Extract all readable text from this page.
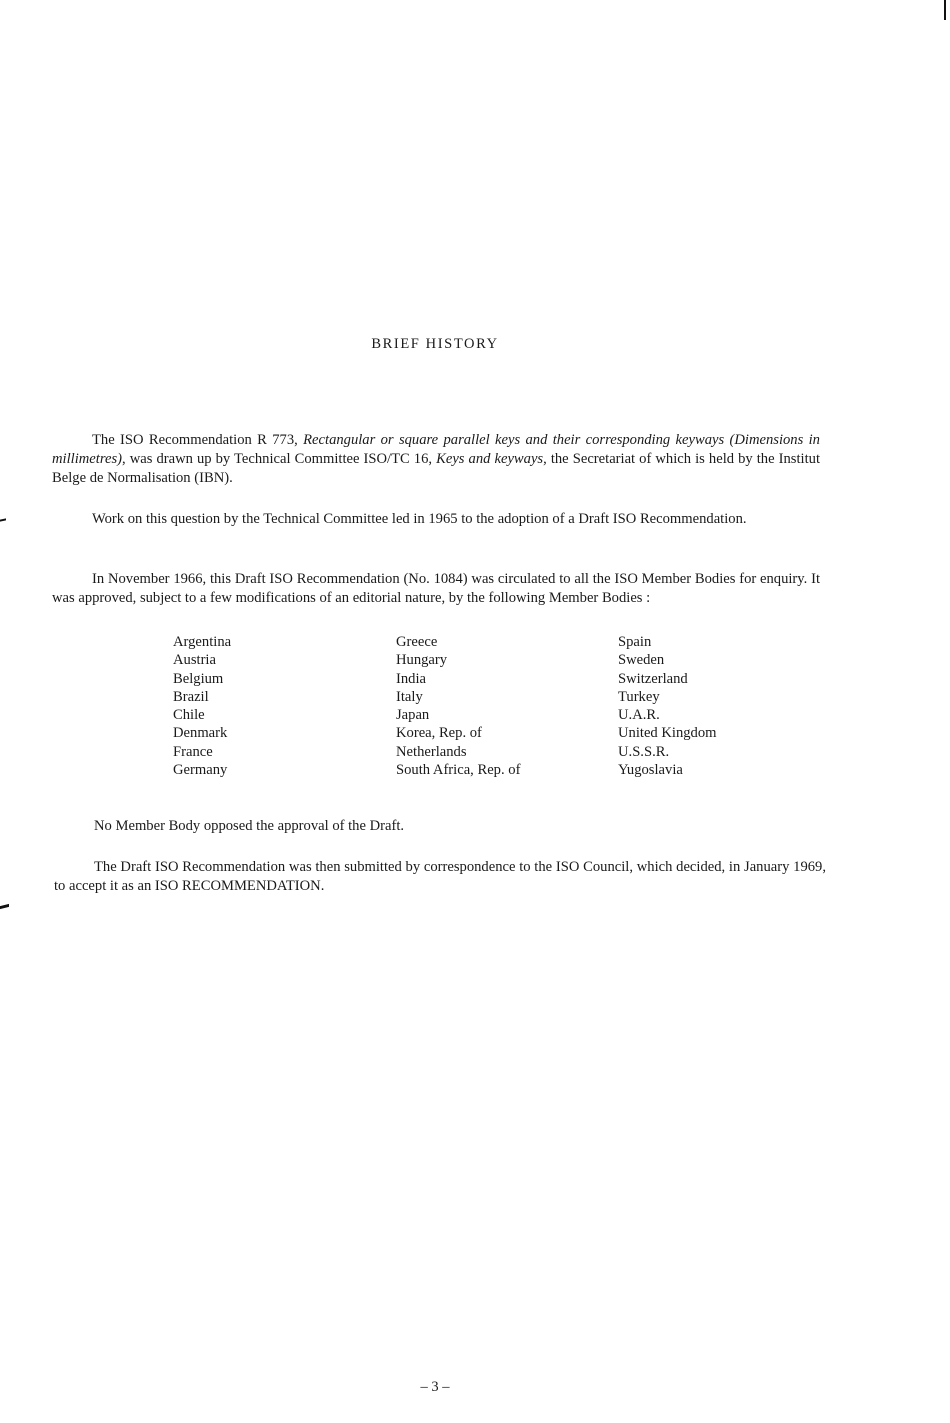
BRIEF HISTORY

The ISO Recommendation R 773, Rectangular or square parallel keys and their corresponding keyways (Dimensions in millimetres), was drawn up by Technical Committee ISO/TC 16, Keys and keyways, the Secretariat of which is held by the Institut Belge de Normalisation (IBN).

Work on this question by the Technical Committee led in 1965 to the adoption of a Draft ISO Recommendation.

In November 1966, this Draft ISO Recommendation (No. 1084) was circulated to all the ISO Member Bodies for enquiry. It was approved, subject to a few modifications of an editorial nature, by the following Member Bodies :

Argentina
Austria
Belgium
Brazil
Chile
Denmark
France
Germany
Greece
Hungary
India
Italy
Japan
Korea, Rep. of
Netherlands
South Africa, Rep. of
Spain
Sweden
Switzerland
Turkey
U.A.R.
United Kingdom
U.S.S.R.
Yugoslavia

No Member Body opposed the approval of the Draft.

The Draft ISO Recommendation was then submitted by correspondence to the ISO Council, which decided, in January 1969, to accept it as an ISO RECOMMENDATION.

– 3 –
